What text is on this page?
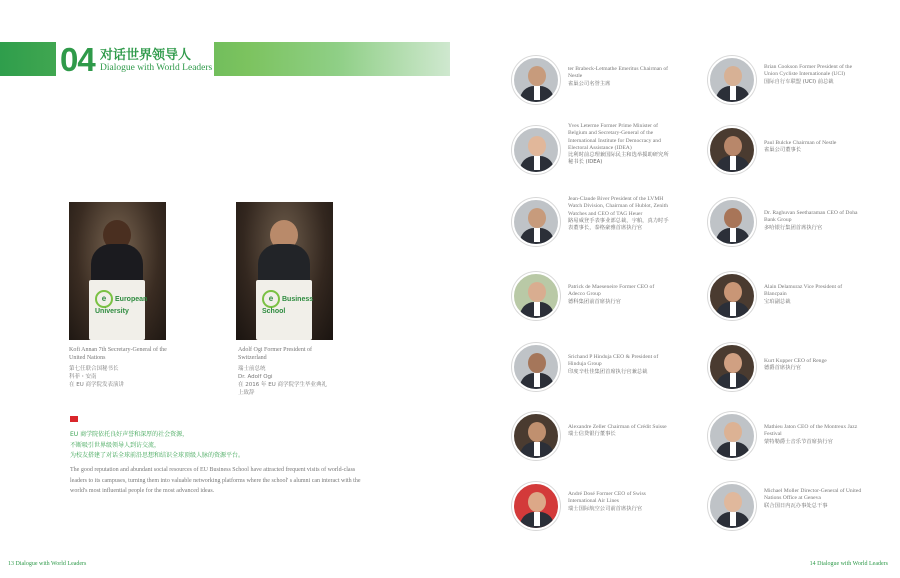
04 对话世界领导人
Dialogue with World Leaders
e European University
Kofi Annan 7th Secretary-General of the United Nations
第七任联合国秘书长
科菲・安南
在 EU 商学院发表演讲
e Business School
Adolf Ogi Former President of Switzerland
瑞士前总统
Dr. Adolf Ogi
在 2016 年 EU 商学院学生毕业典礼
上致辞
EU 商学院依托良好声誉和深厚的社会资源，
不断吸引世界级领导人到访交流，
为校友搭建了对话全球前沿思想和结识全球顶级人脉的资源平台。
The good reputation and abundant social resources of EU Business School have attracted frequent visits of world-class leaders to its campuses, turning them into valuable networking platforms where the school' s alumni can interact with the world's most influential people for the most advanced ideas.
ter Brabeck-Letmathe Emeritus Chairman of Nestle
雀巢公司名誉主席
Brian Cookson Former President of the Union Cycliste Internationale (UCI)
国际自行车联盟 (UCI) 前总裁
Yves Leterme Former Prime Minister of Belgium and Secretary-General of the International Institute for Democracy and Electoral Assistance (IDEA)
比利时前总理兼国际民主和选举援助研究所秘书长 (IDEA)
Paul Bulcke Chairman of Nestle
雀巢公司董事长
Jean-Claude Biver President of the LVMH Watch Division, Chairman of Hublot, Zenith Watches and CEO of TAG Heuer
路易威登手表事业部总裁，宇舶，真力时手表董事长，泰格豪雅首席执行官
Dr. Raghuvan Seetharaman CEO of Doha Bank Group
多哈银行集团首席执行官
Patrick de Maeseneire Former CEO of Adecco Group
德科集团前首席执行官
Alain Delamuraz Vice President of Blancpain
宝珀副总裁
Srichand P Hinduja CEO & President of Hinduja Group
印度辛杜佳集团首席执行官兼总裁
Kurt Kupper CEO of Renge
德爵首席执行官
Alexandre Zeller Chairman of Crédit Suisse
瑞士信贷银行董事长
Mathieu Jaton CEO of the Montreux Jazz Festival
蒙特勒爵士音乐节首席执行官
André Dosé Former CEO of Swiss International Air Lines
瑞士国际航空公司前首席执行官
Michael Moller Director-General of United Nations Office at Geneva
联合国日内瓦办事处总干事
13 Dialogue with World Leaders	14 Dialogue with World Leaders
